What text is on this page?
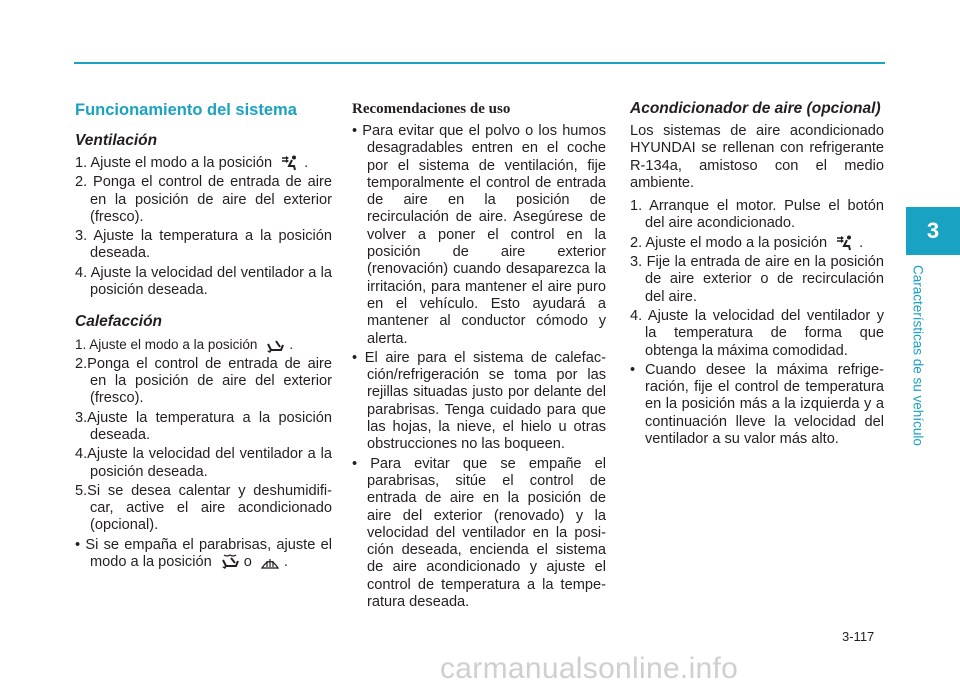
Funcionamiento del sistema
Ventilación
1. Ajuste el modo a la posición .
2. Ponga el control de entrada de aire en la posición de aire del exterior (fresco).
3. Ajuste la temperatura a la posición deseada.
4. Ajuste la velocidad del ventilador a la posición deseada.
Calefacción
1. Ajuste el modo a la posición .
2.Ponga el control de entrada de aire en la posición de aire del exterior (fresco).
3.Ajuste la temperatura a la posición deseada.
4.Ajuste la velocidad del ventilador a la posición deseada.
5.Si se desea calentar y deshumidificar, active el aire acondicionado (opcional).
• Si se empaña el parabrisas, ajuste el modo a la posición o .
Recomendaciones de uso
• Para evitar que el polvo o los humos desagradables entren en el coche por el sistema de ventilación, fije temporalmente el control de entrada de aire en la posición de recirculación de aire. Asegúrese de volver a poner el control en la posición de aire exterior (renovación) cuando desaparezca la irritación, para mantener el aire puro en el vehículo. Esto ayudará a mantener al conductor cómodo y alerta.
• El aire para el sistema de calefacción/refrigeración se toma por las rejillas situadas justo por delante del parabrisas. Tenga cuidado para que las hojas, la nieve, el hielo u otras obstrucciones no las boqueen.
• Para evitar que se empañe el parabrisas, sitúe el control de entrada de aire en la posición de aire del exterior (renovado) y la velocidad del ventilador en la posición deseada, encienda el sistema de aire acondicionado y ajuste el control de temperatura a la temperatura deseada.
Acondicionador de aire (opcional)

Los sistemas de aire acondicionado HYUNDAI se rellenan con refrigerante R-134a, amistoso con el medio ambiente.

1. Arranque el motor. Pulse el botón del aire acondicionado.
2. Ajuste el modo a la posición .
3. Fije la entrada de aire en la posición de aire exterior o de recirculación del aire.
4. Ajuste la velocidad del ventilador y la temperatura de forma que obtenga la máxima comodidad.
• Cuando desee la máxima refrigeración, fije el control de temperatura en la posición más a la izquierda y a continuación lleve la velocidad del ventilador a su valor más alto.
3
Características de su vehículo
3-117
carmanualsonline.info
